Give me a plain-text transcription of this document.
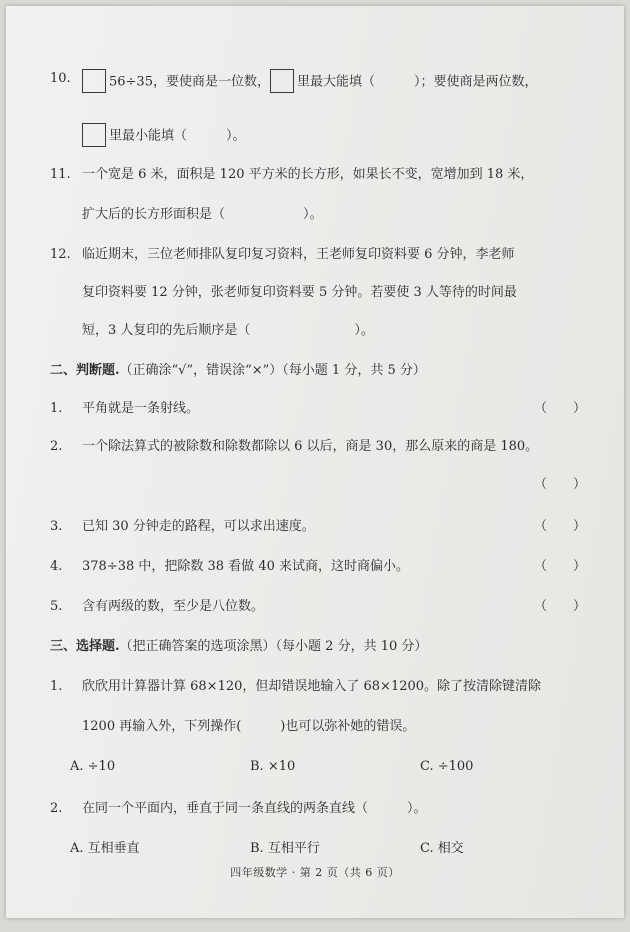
10.	56÷35，要使商是一位数， 里最大能填（　　　）；要使商是两位数，
里最小能填（　　　）。
11. 一个宽是 6 米，面积是 120 平方米的长方形，如果长不变，宽增加到 18 米，
扩大后的长方形面积是（　　　　　　）。
12. 临近期末，三位老师排队复印复习资料，王老师复印资料要 6 分钟，李老师
复印资料要 12 分钟，张老师复印资料要 5 分钟。若要使 3 人等待的时间最
短，3 人复印的先后顺序是（　　　　　　　　）。
二、判断题.（正确涂“√”，错误涂“×”）（每小题 1 分，共 5 分）
1. 平角就是一条射线。	（　　）
2. 一个除法算式的被除数和除数都除以 6 以后，商是 30，那么原来的商是 180。
（　　）
3. 已知 30 分钟走的路程，可以求出速度。	（　　）
4. 378÷38 中，把除数 38 看做 40 来试商，这时商偏小。	（　　）
5. 含有两级的数，至少是八位数。	（　　）
三、选择题.（把正确答案的选项涂黑）（每小题 2 分，共 10 分）
1. 欣欣用计算器计算 68×120，但却错误地输入了 68×1200。除了按清除键清除
1200 再输入外，下列操作(　　　)也可以弥补她的错误。
A. ÷10	B. ×10	C. ÷100
2. 在同一个平面内，垂直于同一条直线的两条直线（　　　）。
A. 互相垂直	B. 互相平行	C. 相交
四年级数学 · 第 2 页（共 6 页）
